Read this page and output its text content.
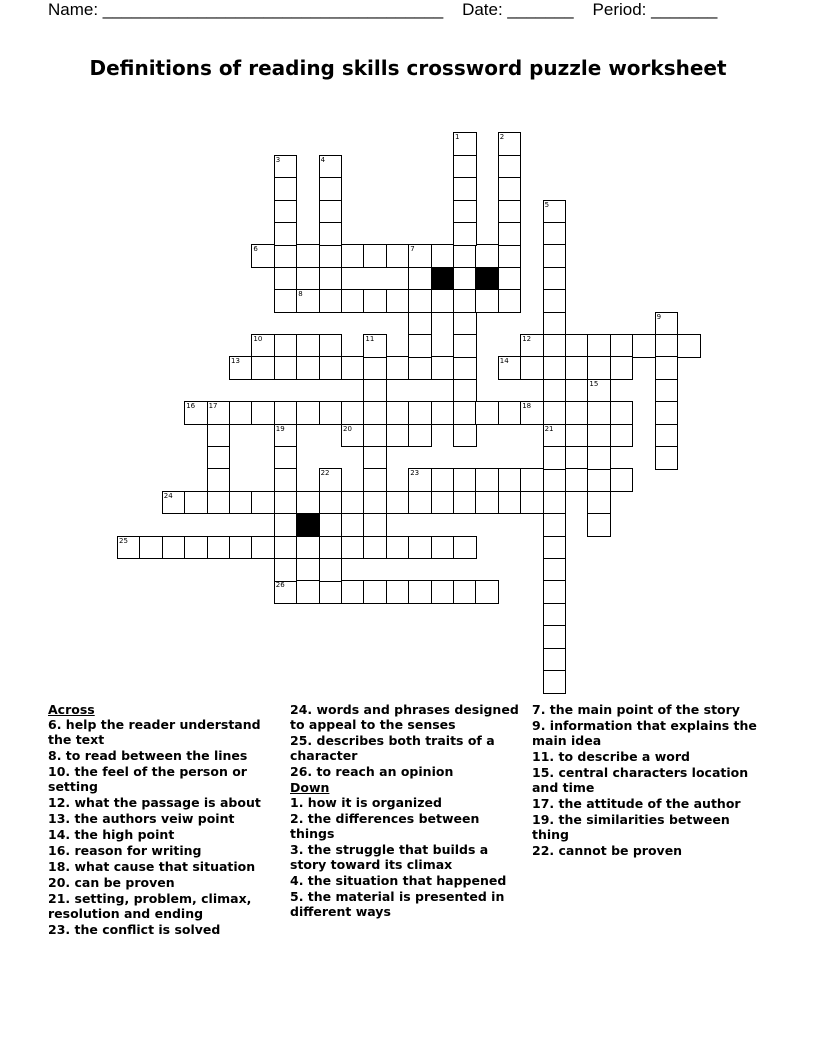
Name: ____________________________________ Date: _______ Period: _______
Definitions of reading skills crossword puzzle worksheet
6	7
8
10	12
13	14
16 17	18
20	21
23
24
25
26
1	2
3	4
5
9
11
15
19
22
Across
6. help the reader understand the text
8. to read between the lines
10. the feel of the person or setting
12. what the passage is about
13. the authors veiw point
14. the high point
16. reason for writing
18. what cause that situation
20. can be proven
21. setting, problem, climax, resolution and ending
23. the conflict is solved
24. words and phrases designed to appeal to the senses
25. describes both traits of a character
26. to reach an opinion
Down
1. how it is organized
2. the differences between things
3. the struggle that builds a story toward its climax
4. the situation that happened
5. the material is presented in different ways
7. the main point of the story
9. information that explains the main idea
11. to describe a word
15. central characters location and time
17. the attitude of the author
19. the similarities between thing
22. cannot be proven
